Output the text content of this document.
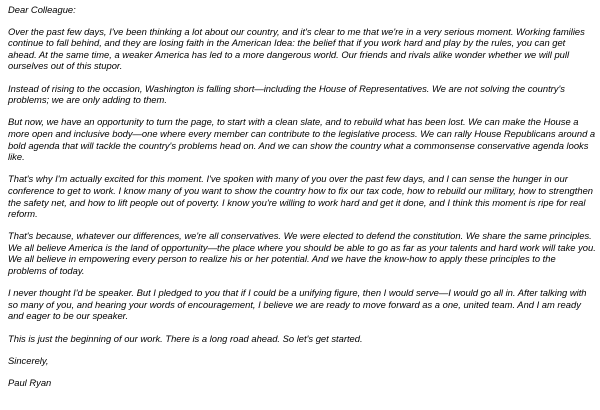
Dear Colleague:

Over the past few days, I've been thinking a lot about our country, and it's clear to me that we're in a very serious moment. Working families continue to fall behind, and they are losing faith in the American Idea: the belief that if you work hard and play by the rules, you can get ahead. At the same time, a weaker America has led to a more dangerous world. Our friends and rivals alike wonder whether we will pull ourselves out of this stupor.

Instead of rising to the occasion, Washington is falling short—including the House of Representatives. We are not solving the country's problems; we are only adding to them.

But now, we have an opportunity to turn the page, to start with a clean slate, and to rebuild what has been lost. We can make the House a more open and inclusive body—one where every member can contribute to the legislative process. We can rally House Republicans around a bold agenda that will tackle the country's problems head on. And we can show the country what a commonsense conservative agenda looks like.

That's why I'm actually excited for this moment. I've spoken with many of you over the past few days, and I can sense the hunger in our conference to get to work. I know many of you want to show the country how to fix our tax code, how to rebuild our military, how to strengthen the safety net, and how to lift people out of poverty. I know you're willing to work hard and get it done, and I think this moment is ripe for real reform.

That's because, whatever our differences, we're all conservatives. We were elected to defend the constitution. We share the same principles. We all believe America is the land of opportunity—the place where you should be able to go as far as your talents and hard work will take you. We all believe in empowering every person to realize his or her potential. And we have the know-how to apply these principles to the problems of today.

I never thought I'd be speaker. But I pledged to you that if I could be a unifying figure, then I would serve—I would go all in. After talking with so many of you, and hearing your words of encouragement, I believe we are ready to move forward as a one, united team. And I am ready and eager to be our speaker.

This is just the beginning of our work. There is a long road ahead. So let's get started.

Sincerely,

Paul Ryan
